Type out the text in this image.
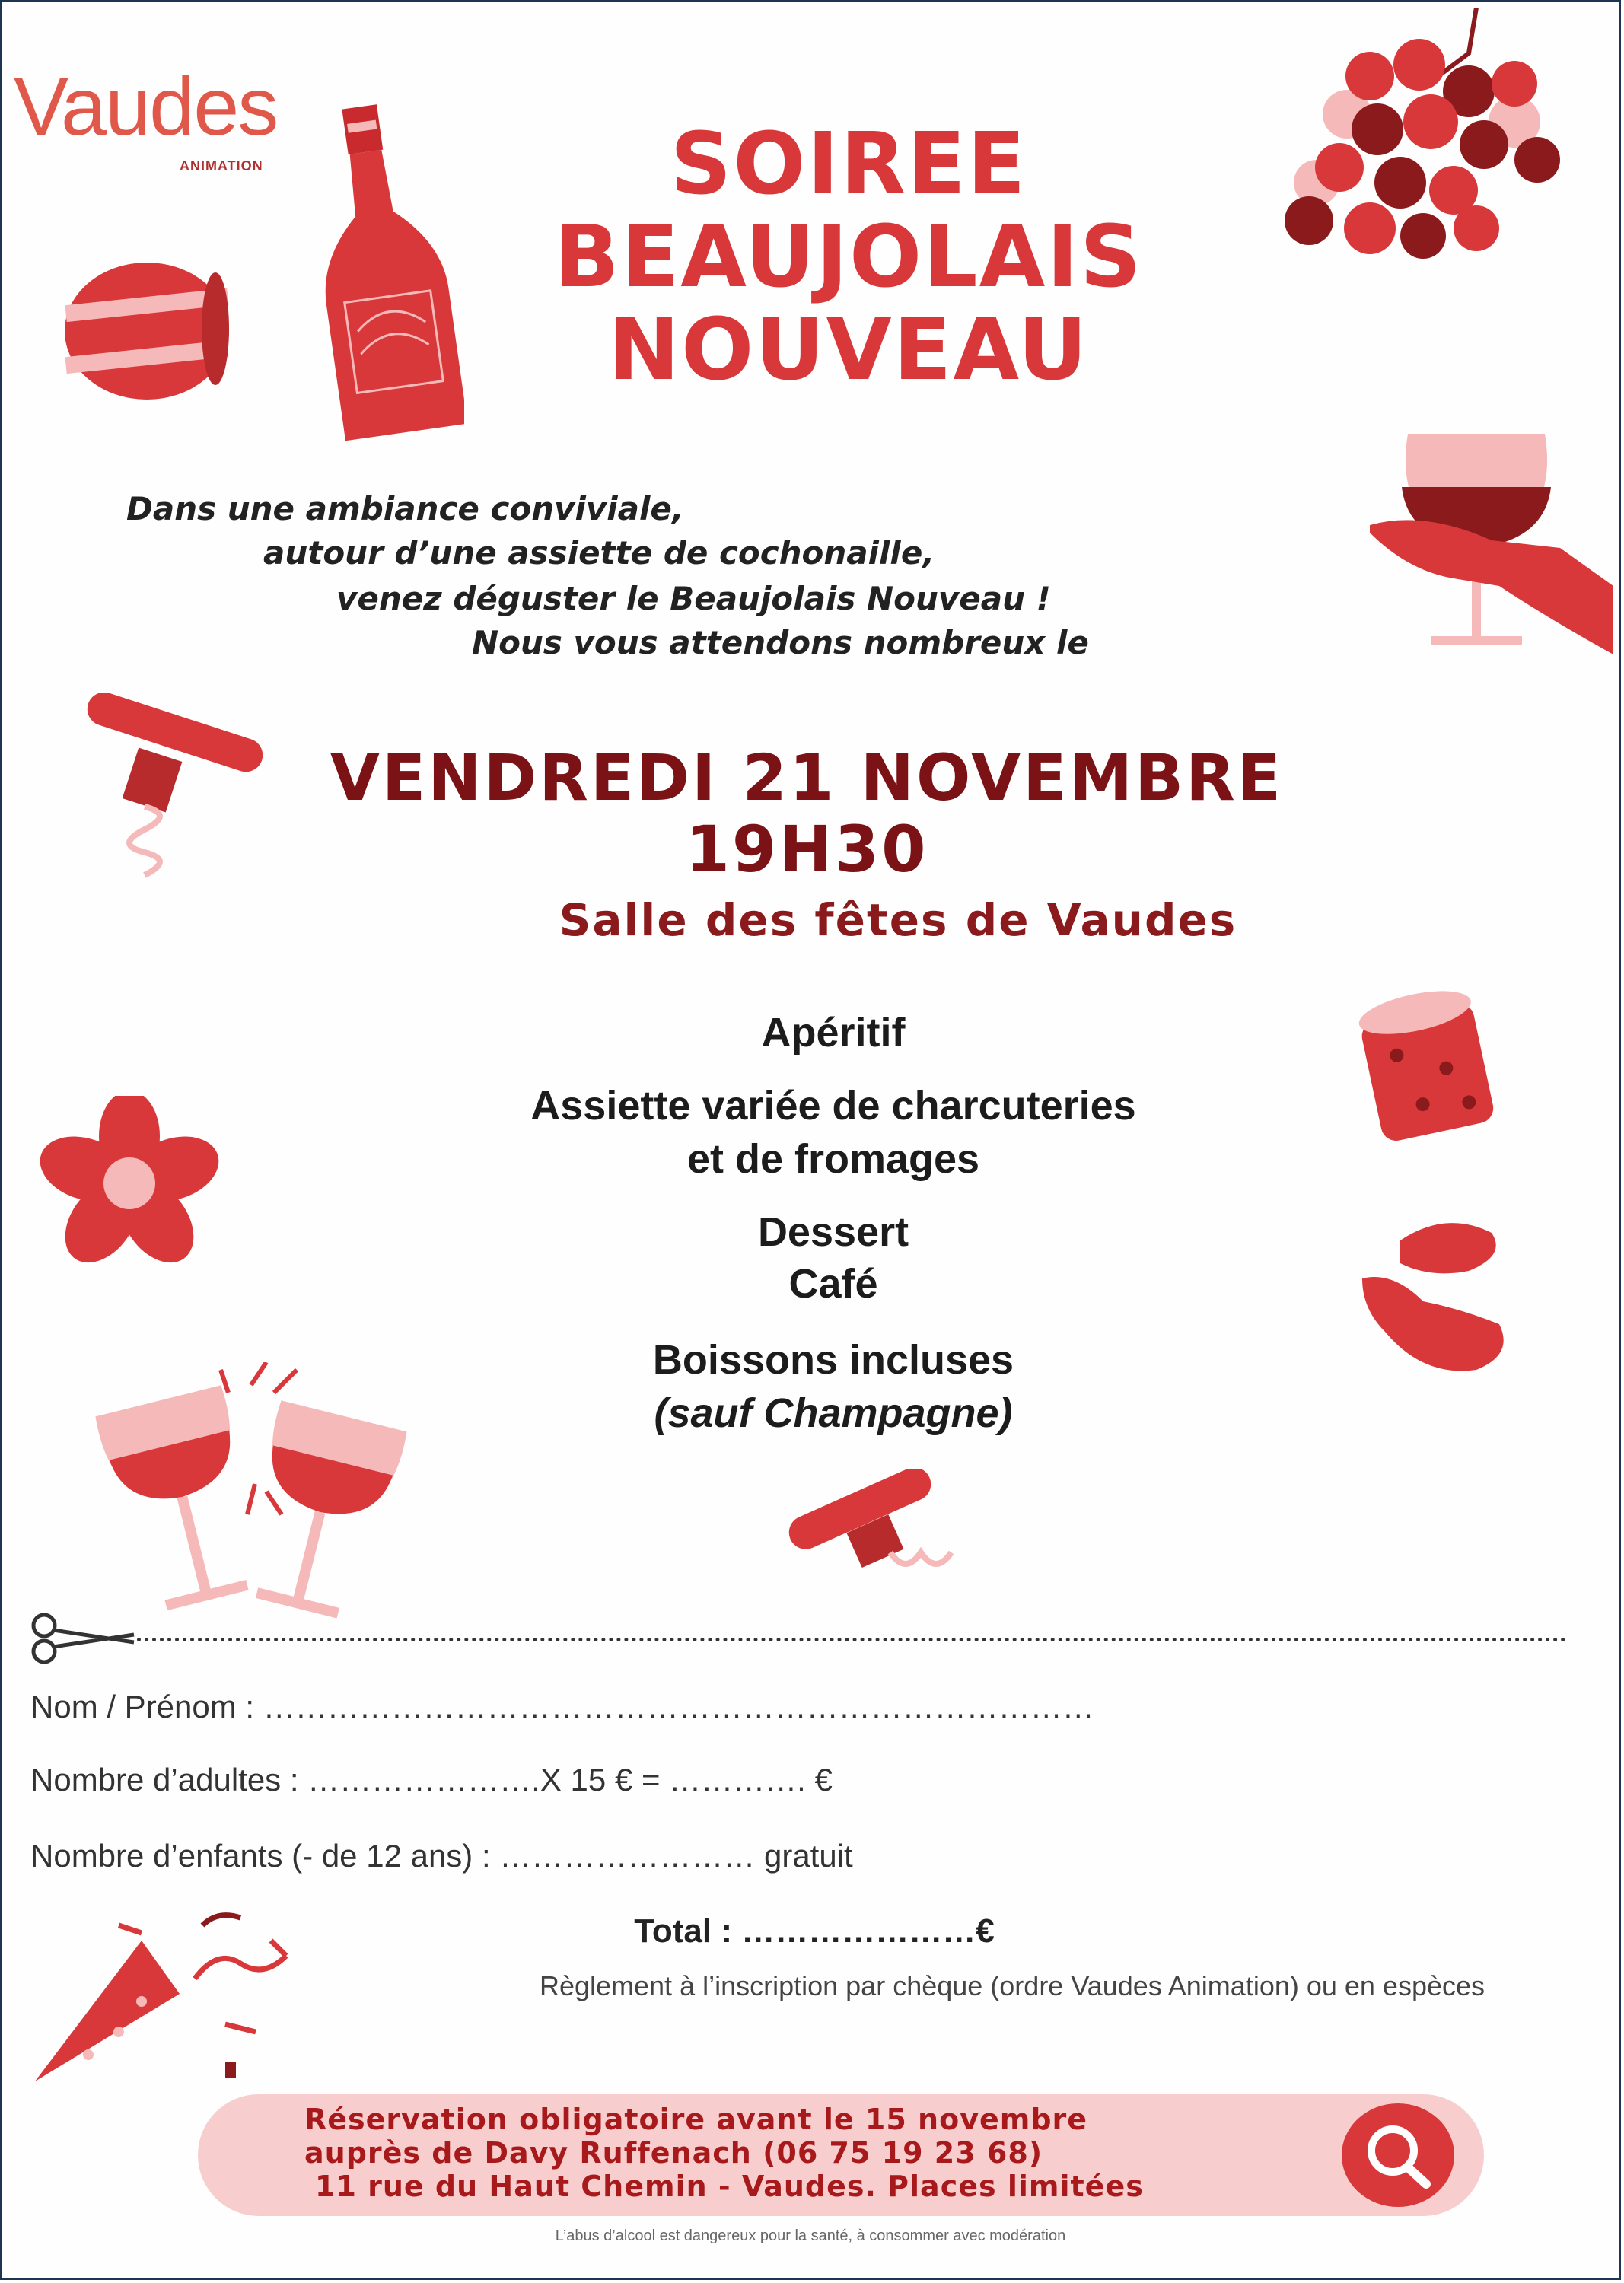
Vaudes
ANIMATION	SOIREE
BEAUJOLAIS
NOUVEAU
Dans une ambiance conviviale,
autour d’une assiette de cochonaille,
venez déguster le Beaujolais Nouveau !
Nous vous attendons nombreux le
VENDREDI 21 NOVEMBRE
19H30
Salle des fêtes de Vaudes
Apéritif
Assiette variée de charcuteries
et de fromages
Dessert
Café
Boissons incluses
(sauf Champagne)
Nom / Prénom : ……………………………………………………………………
Nombre d’adultes : ………………….X 15 € = …………. €
Nombre d’enfants (- de 12 ans) : …………………… gratuit
Total : …………………€
Règlement à l’inscription par chèque (ordre Vaudes Animation) ou en espèces
Réservation obligatoire avant le 15 novembre
auprès de Davy Ruffenach (06 75 19 23 68)
11 rue du Haut Chemin - Vaudes. Places limitées
L’abus d’alcool est dangereux pour la santé, à consommer avec modération
